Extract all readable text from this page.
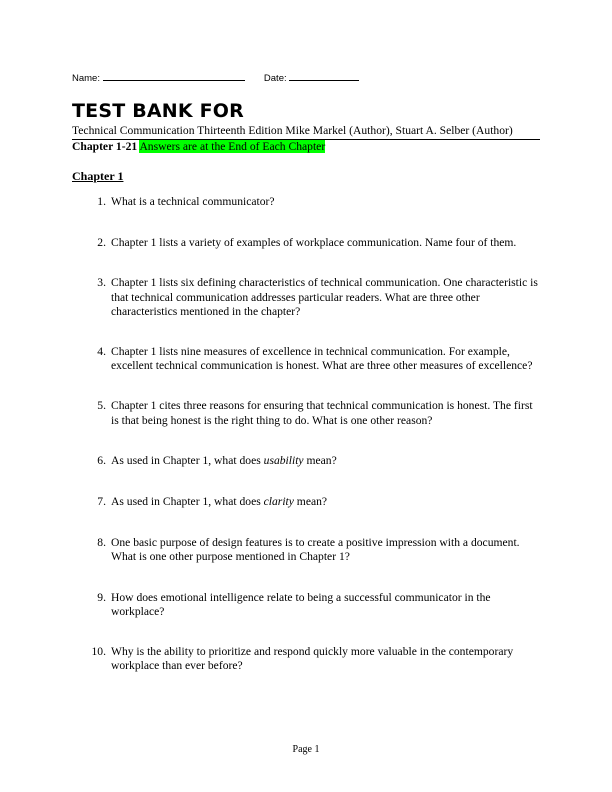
Name:	Date:
TEST BANK FOR
Technical Communication Thirteenth Edition Mike Markel (Author), Stuart A. Selber (Author)
Chapter 1-21 Answers are at the End of Each Chapter
Chapter 1
1. What is a technical communicator?
2. Chapter 1 lists a variety of examples of workplace communication. Name four of them.
3. Chapter 1 lists six defining characteristics of technical communication. One characteristic is that technical communication addresses particular readers. What are three other characteristics mentioned in the chapter?
4. Chapter 1 lists nine measures of excellence in technical communication. For example, excellent technical communication is honest. What are three other measures of excellence?
5. Chapter 1 cites three reasons for ensuring that technical communication is honest. The first is that being honest is the right thing to do. What is one other reason?
6. As used in Chapter 1, what does usability mean?
7. As used in Chapter 1, what does clarity mean?
8. One basic purpose of design features is to create a positive impression with a document. What is one other purpose mentioned in Chapter 1?
9. How does emotional intelligence relate to being a successful communicator in the workplace?
10. Why is the ability to prioritize and respond quickly more valuable in the contemporary workplace than ever before?
Page 1
